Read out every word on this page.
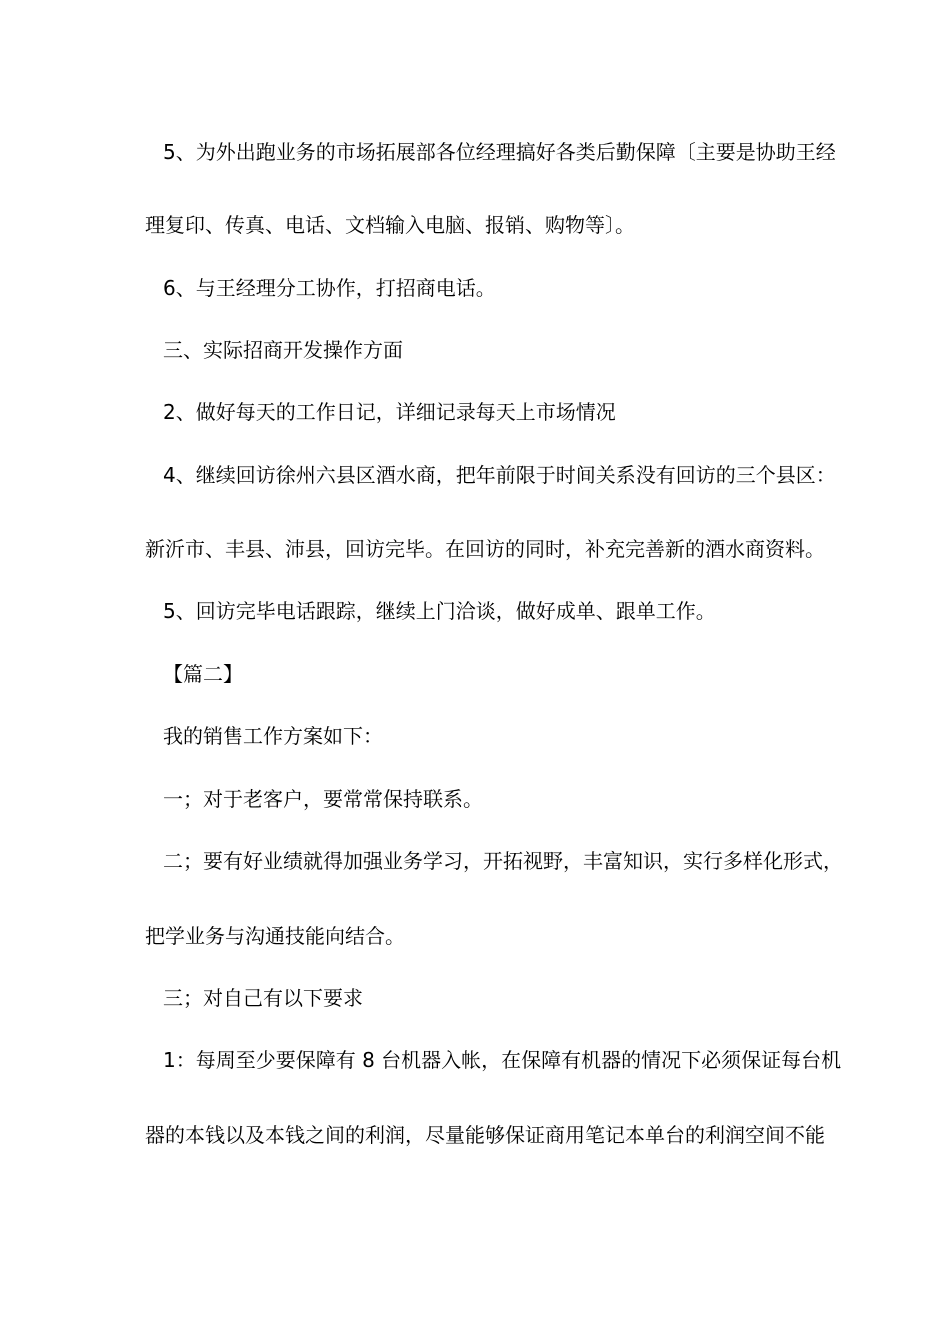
5、为外出跑业务的市场拓展部各位经理搞好各类后勤保障〔主要是协助王经
理复印、传真、电话、文档输入电脑、报销、购物等〕。
6、与王经理分工协作，打招商电话。
三、实际招商开发操作方面
2、做好每天的工作日记，详细记录每天上市场情况
4、继续回访徐州六县区酒水商，把年前限于时间关系没有回访的三个县区：
新沂市、丰县、沛县，回访完毕。在回访的同时，补充完善新的酒水商资料。
5、回访完毕电话跟踪，继续上门洽谈，做好成单、跟单工作。
【篇二】
我的销售工作方案如下：
一；对于老客户，要常常保持联系。
二；要有好业绩就得加强业务学习，开拓视野，丰富知识，实行多样化形式，
把学业务与沟通技能向结合。
三；对自己有以下要求
1：每周至少要保障有 8 台机器入帐，在保障有机器的情况下必须保证每台机
器的本钱以及本钱之间的利润，尽量能够保证商用笔记本单台的利润空间不能
